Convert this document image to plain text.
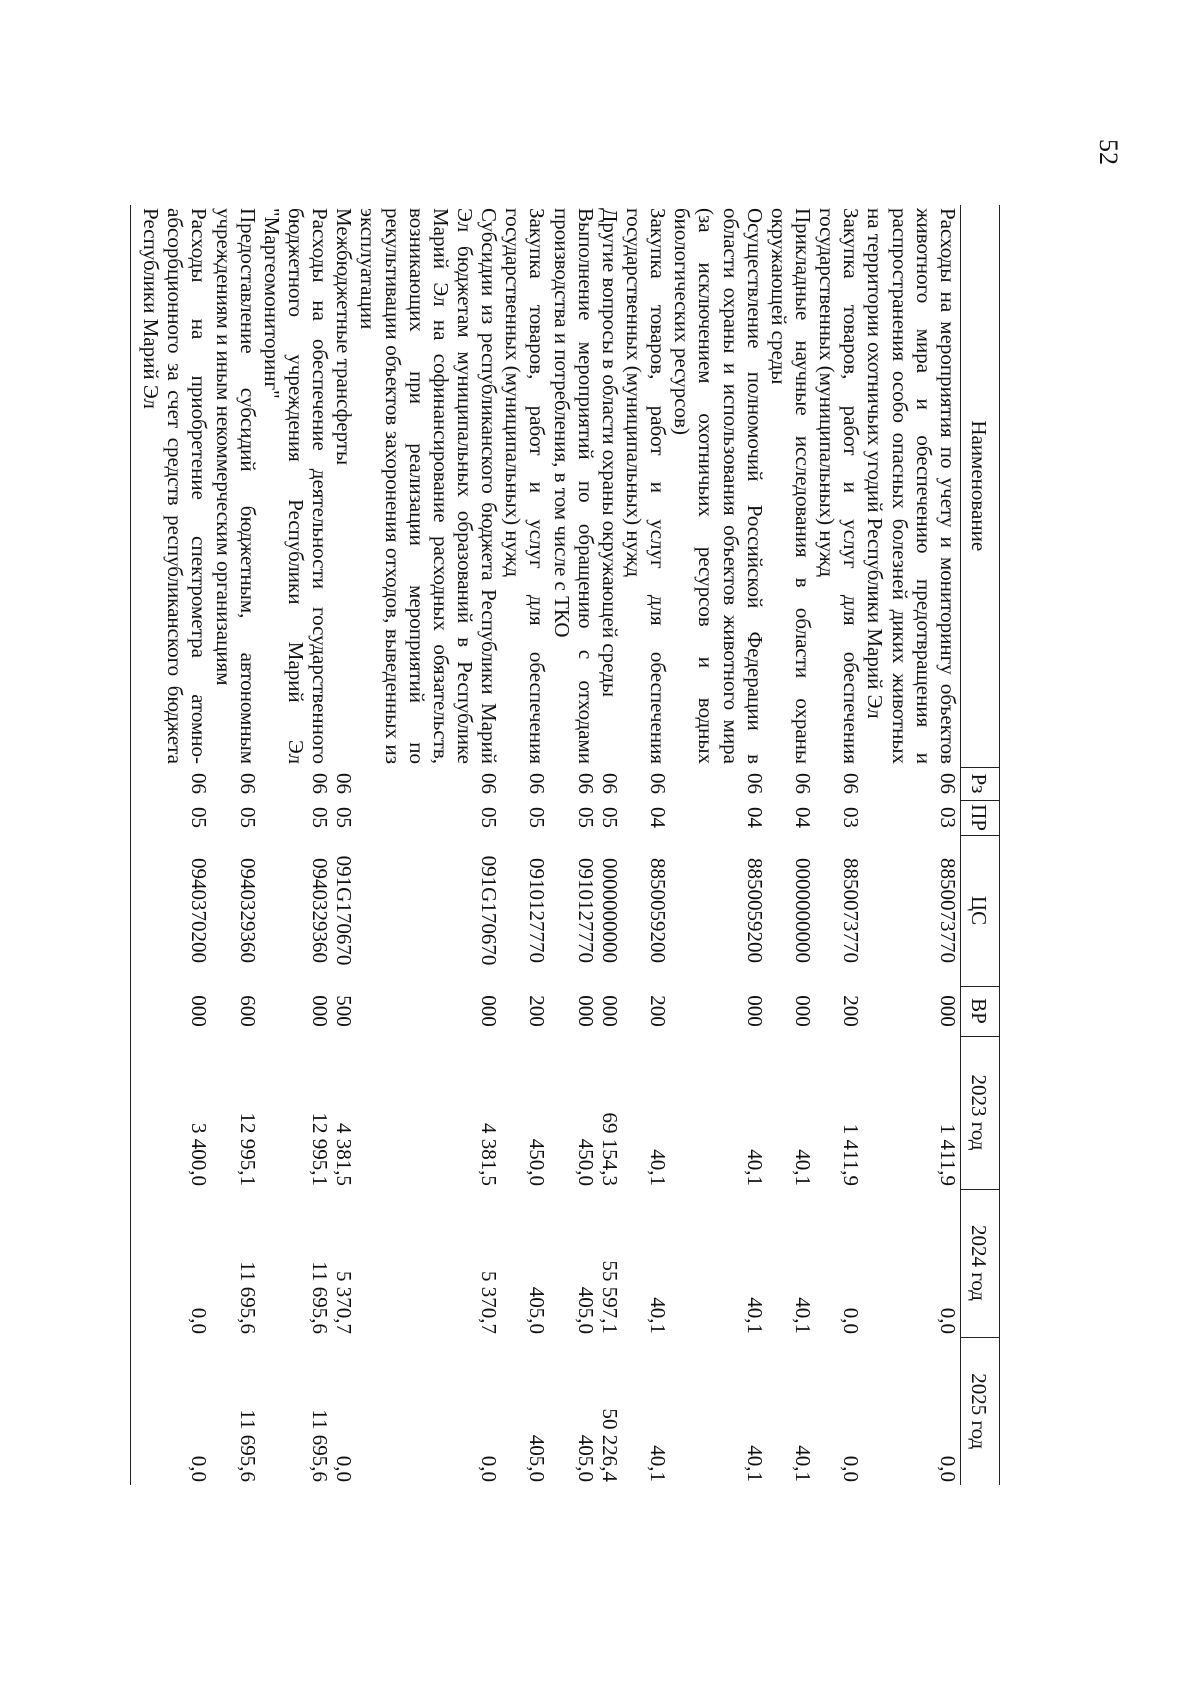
52
Наименование	Рз	ПР	ЦС	ВР	2023 год	2024 год	2025 год
Расходы на мероприятия по учету и мониторингу объектов животного мира и обеспечению предотвращения и распространения особо опасных болезней диких животных на территории охотничьих угодий Республики Марий Эл	06	03	8850073770	000	1 411,9	0,0	0,0
Закупка товаров, работ и услуг для обеспечения государственных (муниципальных) нужд	06	03	8850073770	200	1 411,9	0,0	0,0
Прикладные научные исследования в области охраны окружающей среды	06	04	0000000000	000	40,1	40,1	40,1
Осуществление полномочий Российской Федерации в области охраны и использования объектов животного мира (за исключением охотничьих ресурсов и водных биологических ресурсов)	06	04	8850059200	000	40,1	40,1	40,1
Закупка товаров, работ и услуг для обеспечения государственных (муниципальных) нужд	06	04	8850059200	200	40,1	40,1	40,1
Другие вопросы в области охраны окружающей среды	06	05	0000000000	000	69 154,3	55 597,1	50 226,4
Выполнение мероприятий по обращению с отходами производства и потребления, в том числе с ТКО	06	05	0910127770	000	450,0	405,0	405,0
Закупка товаров, работ и услуг для обеспечения государственных (муниципальных) нужд	06	05	0910127770	200	450,0	405,0	405,0
Субсидии из республиканского бюджета Республики Марий Эл бюджетам муниципальных образований в Республике Марий Эл на софинансирование расходных обязательств, возникающих при реализации мероприятий по рекультивации объектов захоронения отходов, выведенных из эксплуатации	06	05	091G170670	000	4 381,5	5 370,7	0,0
Межбюджетные трансферты	06	05	091G170670	500	4 381,5	5 370,7	0,0
Расходы на обеспечение деятельности государственного бюджетного учреждения Республики Марий Эл "Маргеомониторинг"	06	05	0940329360	000	12 995,1	11 695,6	11 695,6
Предоставление субсидий бюджетным, автономным учреждениям и иным некоммерческим организациям	06	05	0940329360	600	12 995,1	11 695,6	11 695,6
Расходы на приобретение спектрометра атомно-абсорбционного за счет средств республиканского бюджета Республики Марий Эл	06	05	0940370200	000	3 400,0	0,0	0,0
